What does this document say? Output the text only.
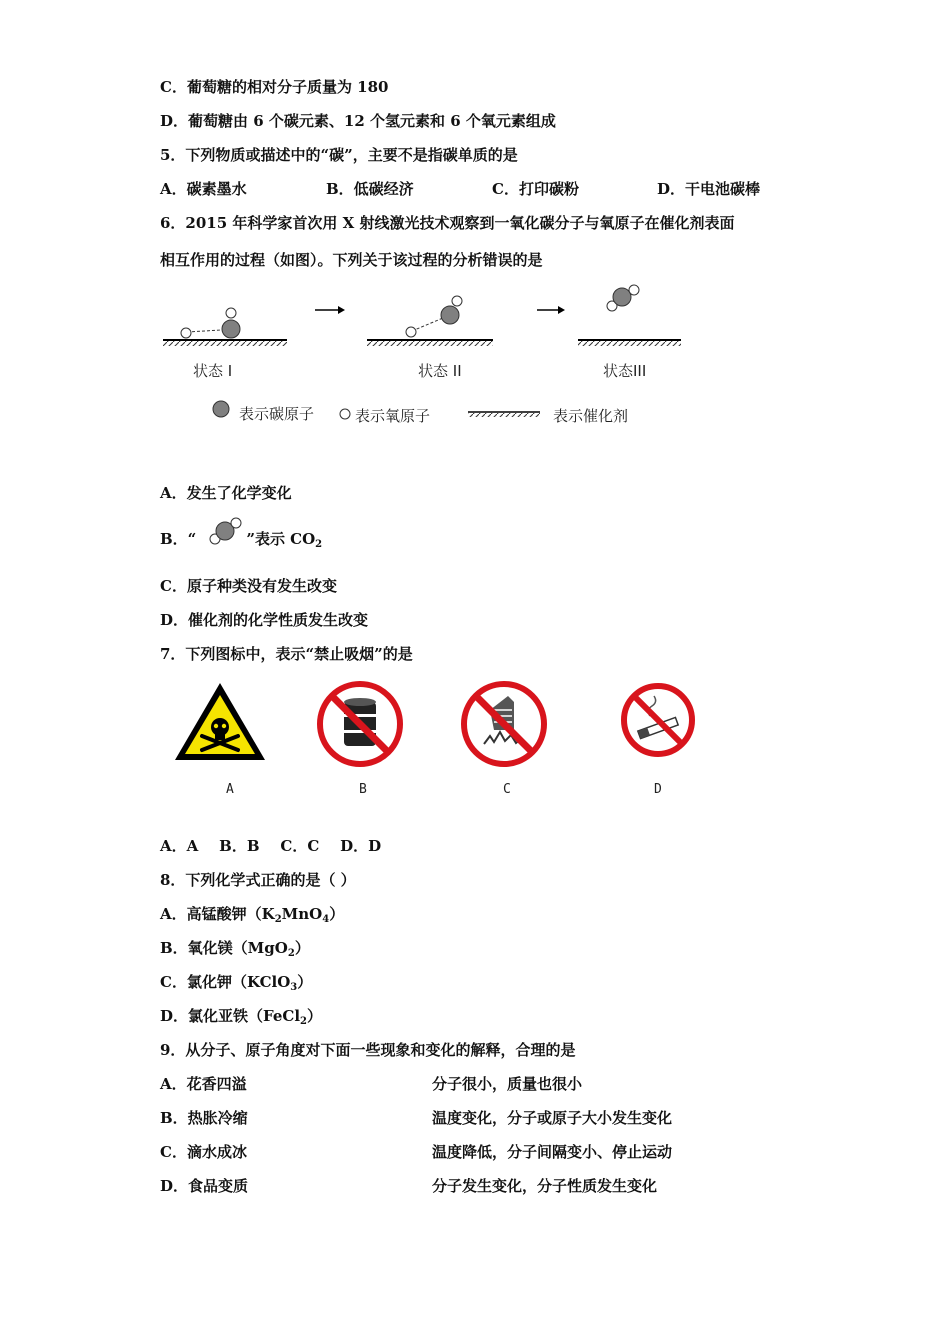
C．葡萄糖的相对分子质量为 180
D．葡萄糖由 6 个碳元素、12 个氢元素和 6 个氧元素组成
5．下列物质或描述中的“碳”，主要不是指碳单质的是
A．碳素墨水	B．低碳经济	C．打印碳粉	D．干电池碳棒
6．2015 年科学家首次用 X 射线激光技术观察到一氧化碳分子与氧原子在催化剂表面
相互作用的过程（如图）。下列关于该过程的分析错误的是
状态 I	状态 II	状态III
表示碳原子	表示氧原子	表示催化剂
A．发生了化学变化
B．“	”表示 $CO_2$
C．原子种类没有发生改变
D．催化剂的化学性质发生改变
7．下列图标中，表示“禁止吸烟”的是
A	B	C	D
A．A    B．B    C．C    D．D
8．下列化学式正确的是（ ）
A．高锰酸钾$(K_2MnO_4)$
B．氧化镁（MgO$_2$）
C．氯化钾（KClO$_3$）
D．氯化亚铁（FeCl$_2$）
9．从分子、原子角度对下面一些现象和变化的解释，合理的是
A．花香四溢	分子很小，质量也很小
B．热胀冷缩	温度变化，分子或原子大小发生变化
C．滴水成冰	温度降低，分子间隔变小、停止运动
D．食品变质	分子发生变化，分子性质发生变化
